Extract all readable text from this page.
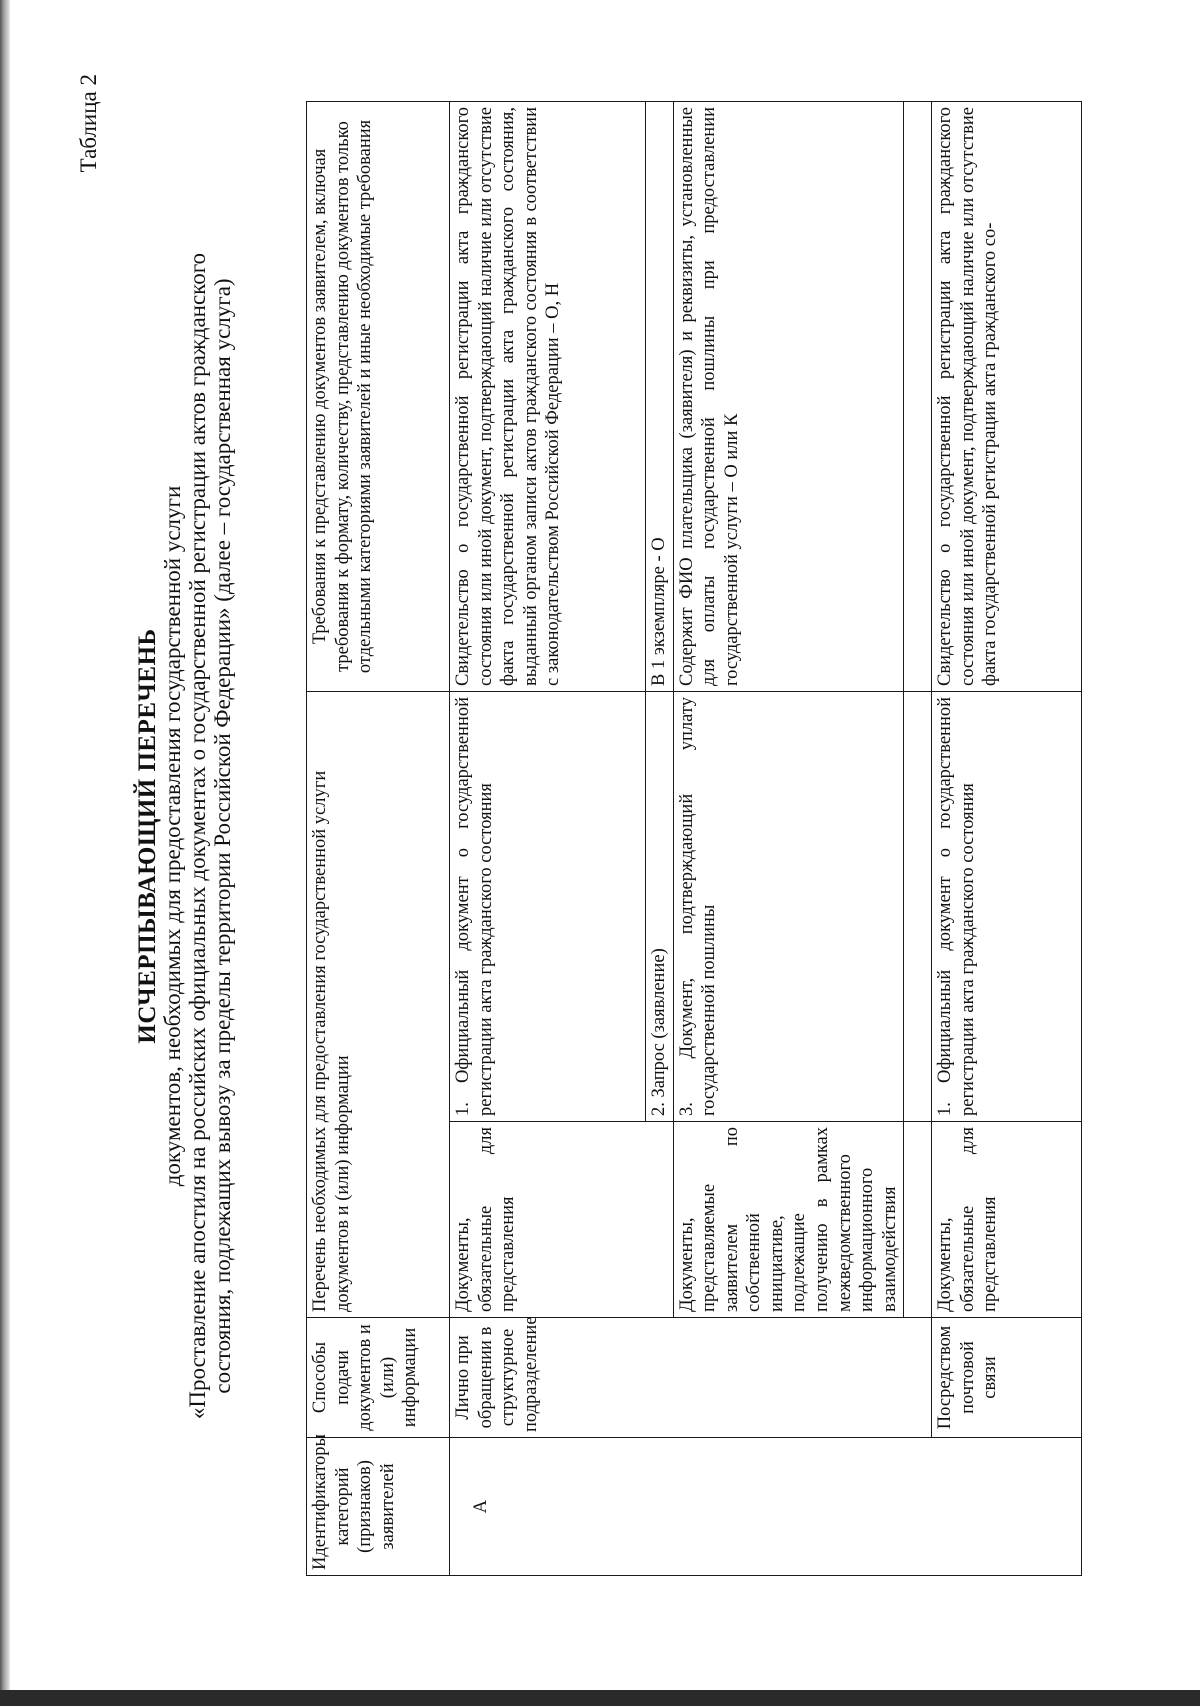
Таблица 2
ИСЧЕРПЫВАЮЩИЙ ПЕРЕЧЕНЬ документов, необходимых для предоставления государственной услуги «Проставление апостиля на российских официальных документах о государственной регистрации актов гражданского состояния, подлежащих вывозу за пределы территории Российской Федерации» (далее – государственная услуга)
Идентификаторы категорий (признаков) заявителей	Способы подачи документов и (или) информации	Перечень необходимых для предоставления государственной услуги документов и (или) информации		Требования к представлению документов заявителем, включая требования к формату, количеству, представлению документов только отдельными категориями заявителей и иные необходимые требования
А	Лично при обращении в структурное подразделение	Документы, обязательные для представления	1. Официальный документ о государственной регистрации акта гражданского состояния	Свидетельство о государственной регистрации акта гражданского состояния или иной документ, подтверждающий наличие или отсутствие факта государственной регистрации акта гражданского состояния, выданный органом записи актов гражданского состояния в соответствии с законодательством Российской Федерации – О, Н
			2. Запрос (заявление)	В 1 экземпляре - О
		Документы, представляемые заявителем по собственной инициативе, подлежащие получению в рамках межведомственного информационного взаимодействия	3. Документ, подтверждающий уплату государственной пошлины	Содержит ФИО плательщика (заявителя) и реквизиты, установленные для оплаты государственной пошлины при предоставлении государственной услуги – О или К

	Посредством почтовой связи	Документы, обязательные для представления	1. Официальный документ о государственной регистрации акта гражданского состояния	Свидетельство о государственной регистрации акта гражданского состояния или иной документ, подтверждающий наличие или отсутствие факта государственной регистрации акта гражданского со-
